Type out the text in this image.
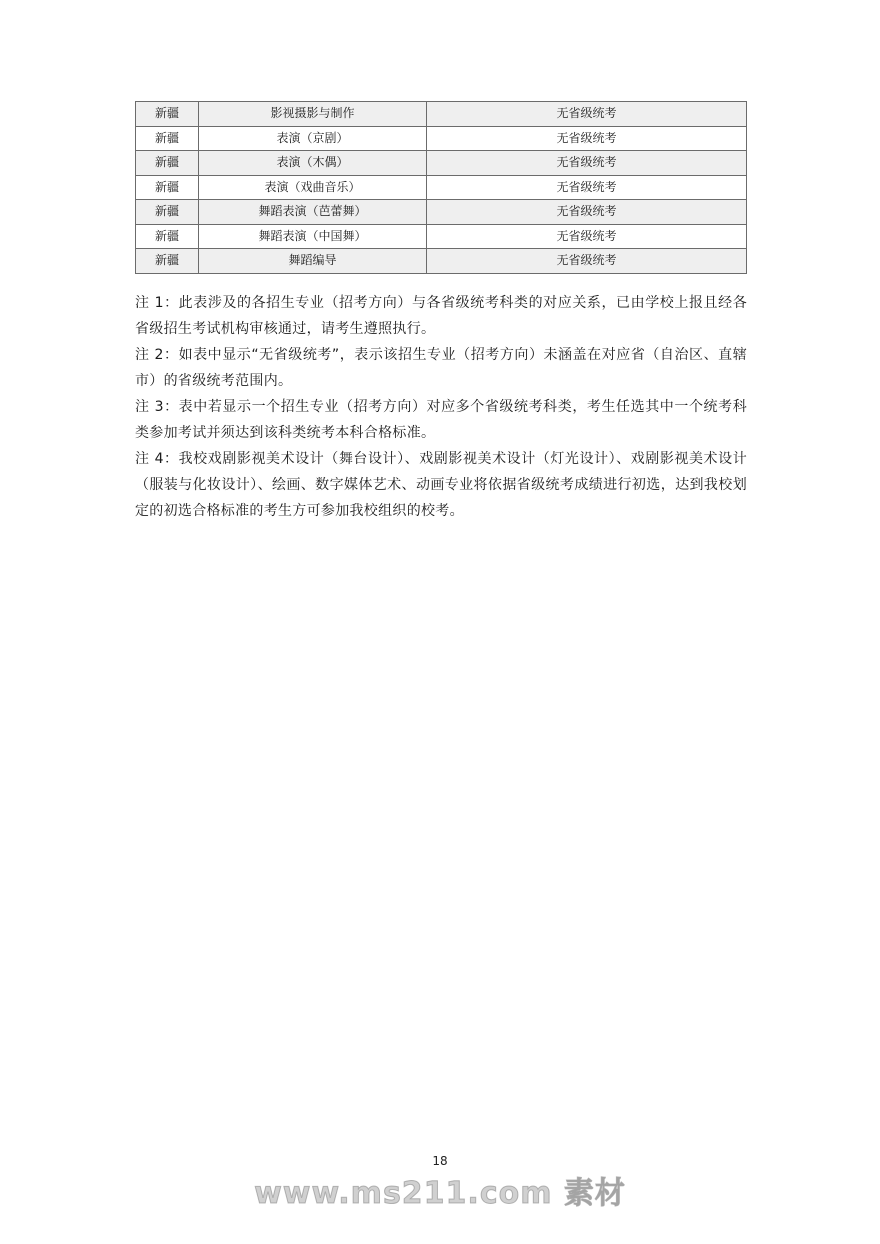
新疆	影视摄影与制作	无省级统考
新疆	表演（京剧）	无省级统考
新疆	表演（木偶）	无省级统考
新疆	表演（戏曲音乐）	无省级统考
新疆	舞蹈表演（芭蕾舞）	无省级统考
新疆	舞蹈表演（中国舞）	无省级统考
新疆	舞蹈编导	无省级统考

注 1：此表涉及的各招生专业（招考方向）与各省级统考科类的对应关系，已由学校上报且经各省级招生考试机构审核通过，请考生遵照执行。

注 2：如表中显示“无省级统考”，表示该招生专业（招考方向）未涵盖在对应省（自治区、直辖市）的省级统考范围内。

注 3：表中若显示一个招生专业（招考方向）对应多个省级统考科类，考生任选其中一个统考科类参加考试并须达到该科类统考本科合格标准。

注 4：我校戏剧影视美术设计（舞台设计）、戏剧影视美术设计（灯光设计）、戏剧影视美术设计（服装与化妆设计）、绘画、数字媒体艺术、动画专业将依据省级统考成绩进行初选，达到我校划定的初选合格标准的考生方可参加我校组织的校考。

18
www.ms211.com 素材
